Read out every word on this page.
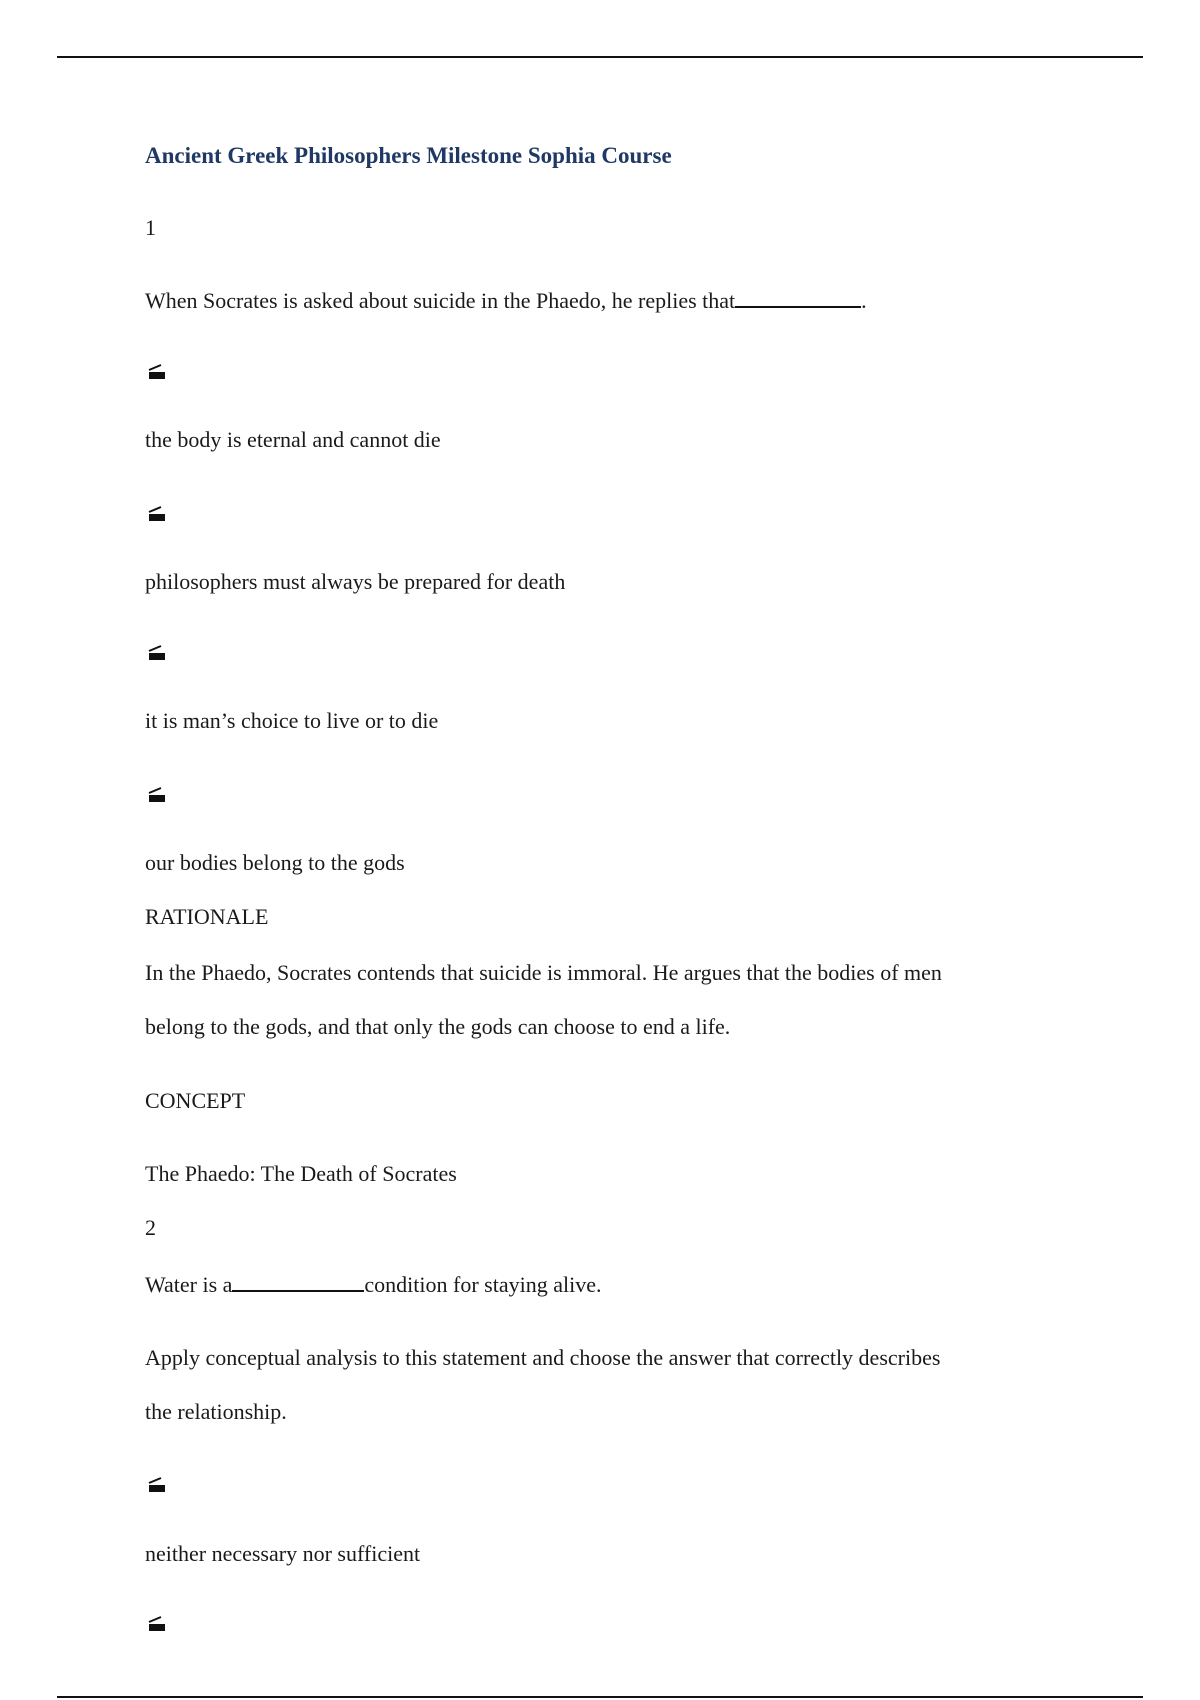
Ancient Greek Philosophers Milestone Sophia Course

1

When Socrates is asked about suicide in the Phaedo, he replies that	.

the body is eternal and cannot die

philosophers must always be prepared for death

it is man’s choice to live or to die

our bodies belong to the gods

RATIONALE

In the Phaedo, Socrates contends that suicide is immoral. He argues that the bodies of men

belong to the gods, and that only the gods can choose to end a life.

CONCEPT

The Phaedo: The Death of Socrates

2

Water is a	condition for staying alive.

Apply conceptual analysis to this statement and choose the answer that correctly describes

the relationship.

neither necessary nor sufficient
